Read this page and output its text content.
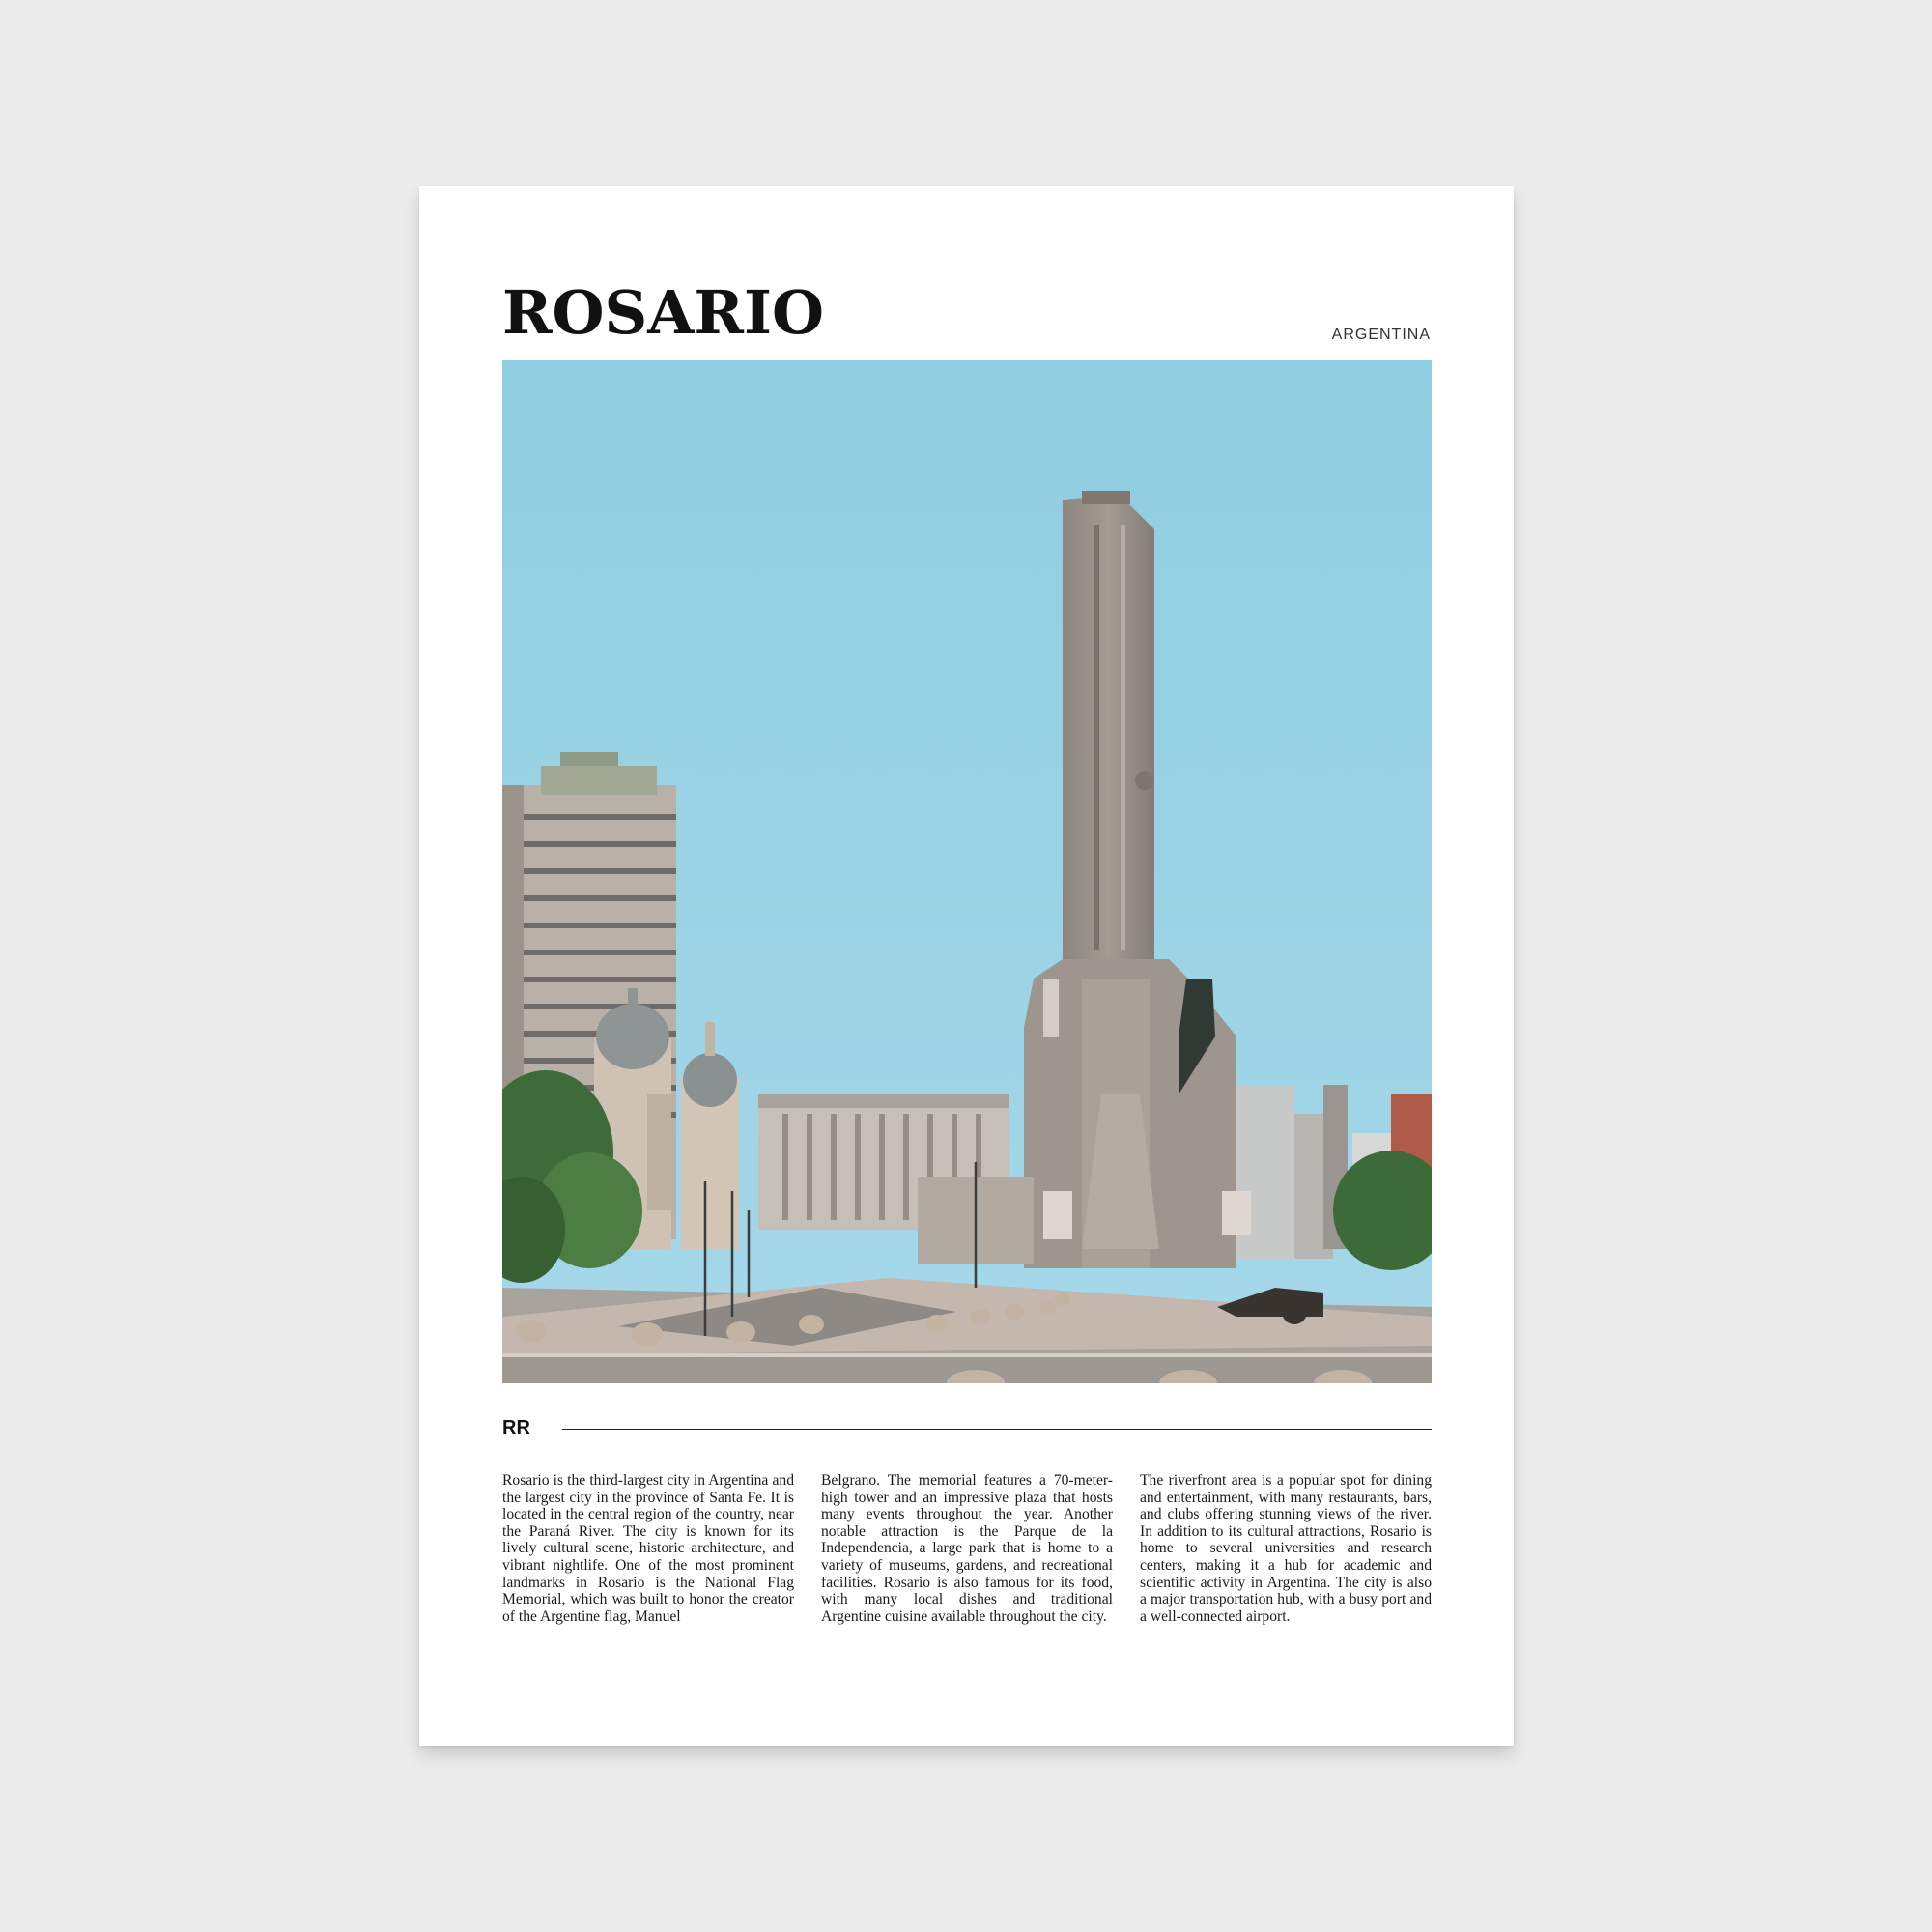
ROSARIO	ARGENTINA
RR

Rosario is the third-largest city in Argentina and the largest city in the province of Santa Fe. It is located in the central region of the country, near the Paraná River. The city is known for its lively cultural scene, historic architecture, and vibrant nightlife. One of the most prominent landmarks in Rosario is the National Flag Memorial, which was built to honor the creator of the Argentine flag, Manuel

Belgrano. The memorial features a 70-meter-high tower and an impressive plaza that hosts many events throughout the year. Another notable attraction is the Parque de la Independencia, a large park that is home to a variety of museums, gardens, and recreational facilities. Rosario is also famous for its food, with many local dishes and traditional Argentine cuisine available throughout the city.

The riverfront area is a popular spot for dining and entertainment, with many restaurants, bars, and clubs offering stunning views of the river. In addition to its cultural attractions, Rosario is home to several universities and research centers, making it a hub for academic and scientific activity in Argentina. The city is also a major transportation hub, with a busy port and a well-connected airport.
